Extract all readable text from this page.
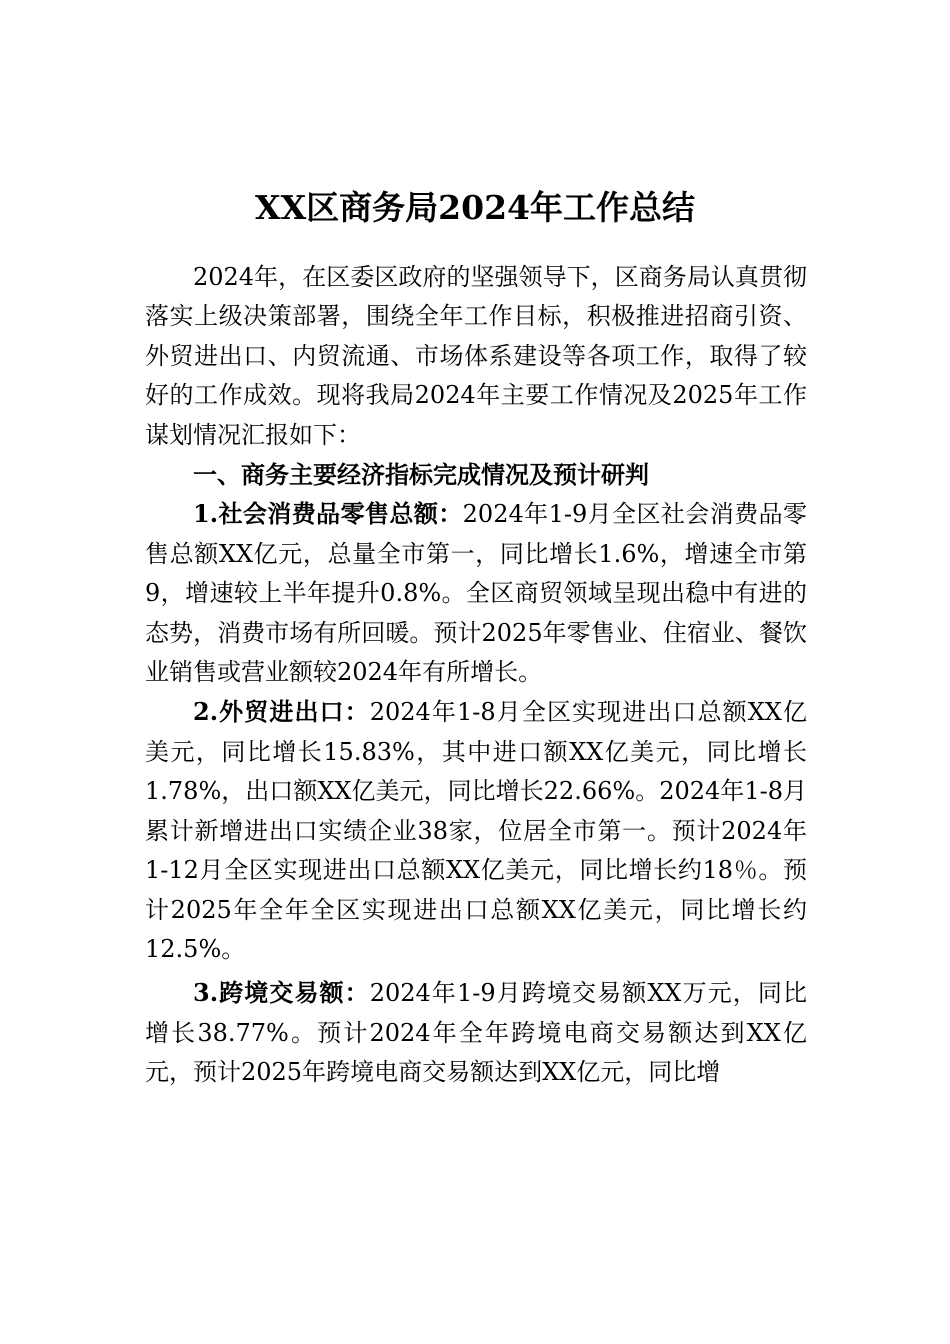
XX区商务局2024年工作总结

2024年，在区委区政府的坚强领导下，区商务局认真贯彻落实上级决策部署，围绕全年工作目标，积极推进招商引资、外贸进出口、内贸流通、市场体系建设等各项工作，取得了较好的工作成效。现将我局2024年主要工作情况及2025年工作谋划情况汇报如下：

一、商务主要经济指标完成情况及预计研判

1.社会消费品零售总额：2024年1-9月全区社会消费品零售总额XX亿元，总量全市第一，同比增长1.6%，增速全市第9，增速较上半年提升0.8%。全区商贸领域呈现出稳中有进的态势，消费市场有所回暖。预计2025年零售业、住宿业、餐饮业销售或营业额较2024年有所增长。

2.外贸进出口：2024年1-8月全区实现进出口总额XX亿美元，同比增长15.83%，其中进口额XX亿美元，同比增长1.78%，出口额XX亿美元，同比增长22.66%。2024年1-8月累计新增进出口实绩企业38家，位居全市第一。预计2024年1-12月全区实现进出口总额XX亿美元，同比增长约18％。预计2025年全年全区实现进出口总额XX亿美元，同比增长约12.5%。

3.跨境交易额：2024年1-9月跨境交易额XX万元，同比增长38.77%。预计2024年全年跨境电商交易额达到XX亿元，预计2025年跨境电商交易额达到XX亿元，同比增
